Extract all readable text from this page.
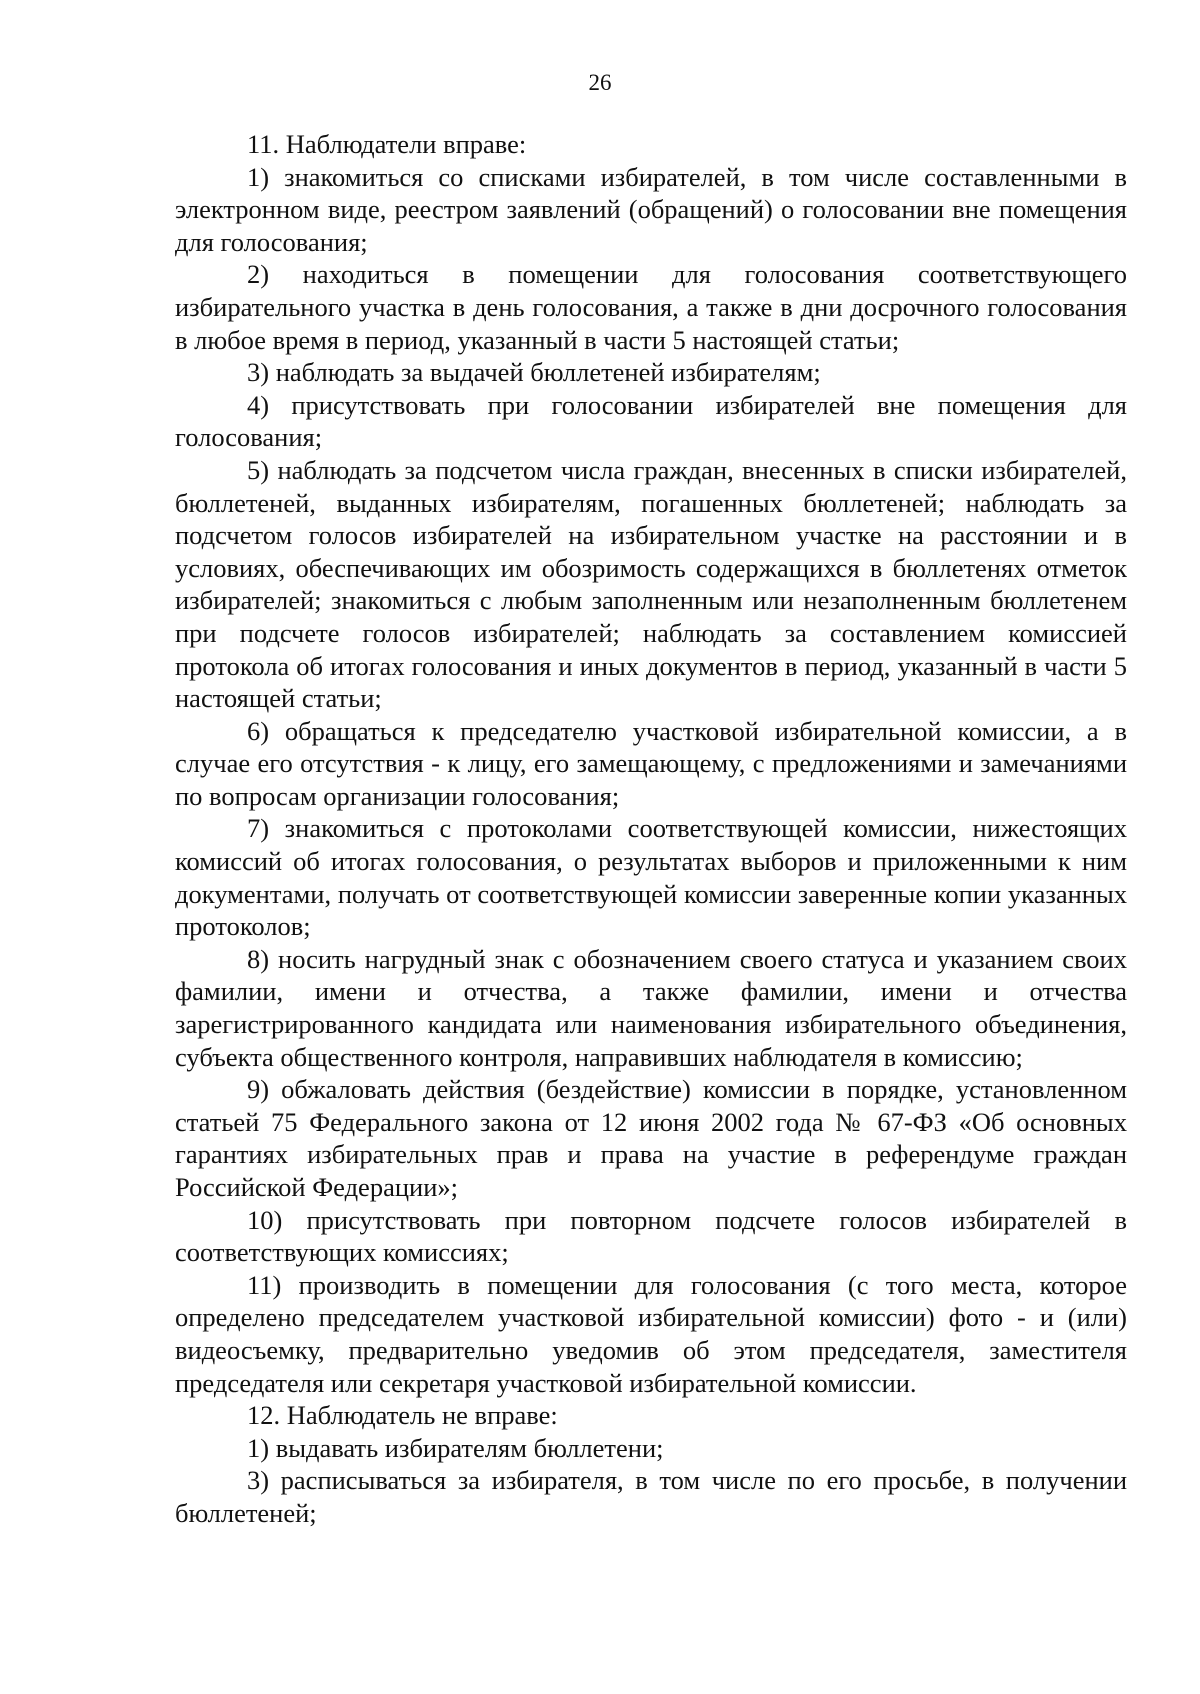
26

11. Наблюдатели вправе:

1) знакомиться со списками избирателей, в том числе составленными в электронном виде, реестром заявлений (обращений) о голосовании вне помещения для голосования;

2) находиться в помещении для голосования соответствующего избирательного участка в день голосования, а также в дни досрочного голосования в любое время в период, указанный в части 5 настоящей статьи;

3) наблюдать за выдачей бюллетеней избирателям;

4) присутствовать при голосовании избирателей вне помещения для голосования;

5) наблюдать за подсчетом числа граждан, внесенных в списки избирателей, бюллетеней, выданных избирателям, погашенных бюллетеней; наблюдать за подсчетом голосов избирателей на избирательном участке на расстоянии и в условиях, обеспечивающих им обозримость содержащихся в бюллетенях отметок избирателей; знакомиться с любым заполненным или незаполненным бюллетенем при подсчете голосов избирателей; наблюдать за составлением комиссией протокола об итогах голосования и иных документов в период, указанный в части 5 настоящей статьи;

6) обращаться к председателю участковой избирательной комиссии, а в случае его отсутствия - к лицу, его замещающему, с предложениями и замечаниями по вопросам организации голосования;

7) знакомиться с протоколами соответствующей комиссии, нижестоящих комиссий об итогах голосования, о результатах выборов и приложенными к ним документами, получать от соответствующей комиссии заверенные копии указанных протоколов;

8) носить нагрудный знак с обозначением своего статуса и указанием своих фамилии, имени и отчества, а также фамилии, имени и отчества зарегистрированного кандидата или наименования избирательного объединения, субъекта общественного контроля, направивших наблюдателя в комиссию;

9) обжаловать действия (бездействие) комиссии в порядке, установленном статьей 75 Федерального закона от 12 июня 2002 года № 67-ФЗ «Об основных гарантиях избирательных прав и права на участие в референдуме граждан Российской Федерации»;

10) присутствовать при повторном подсчете голосов избирателей в соответствующих комиссиях;

11) производить в помещении для голосования (с того места, которое определено председателем участковой избирательной комиссии) фото - и (или) видеосъемку, предварительно уведомив об этом председателя, заместителя председателя или секретаря участковой избирательной комиссии.

12. Наблюдатель не вправе:

1) выдавать избирателям бюллетени;

3) расписываться за избирателя, в том числе по его просьбе, в получении бюллетеней;
